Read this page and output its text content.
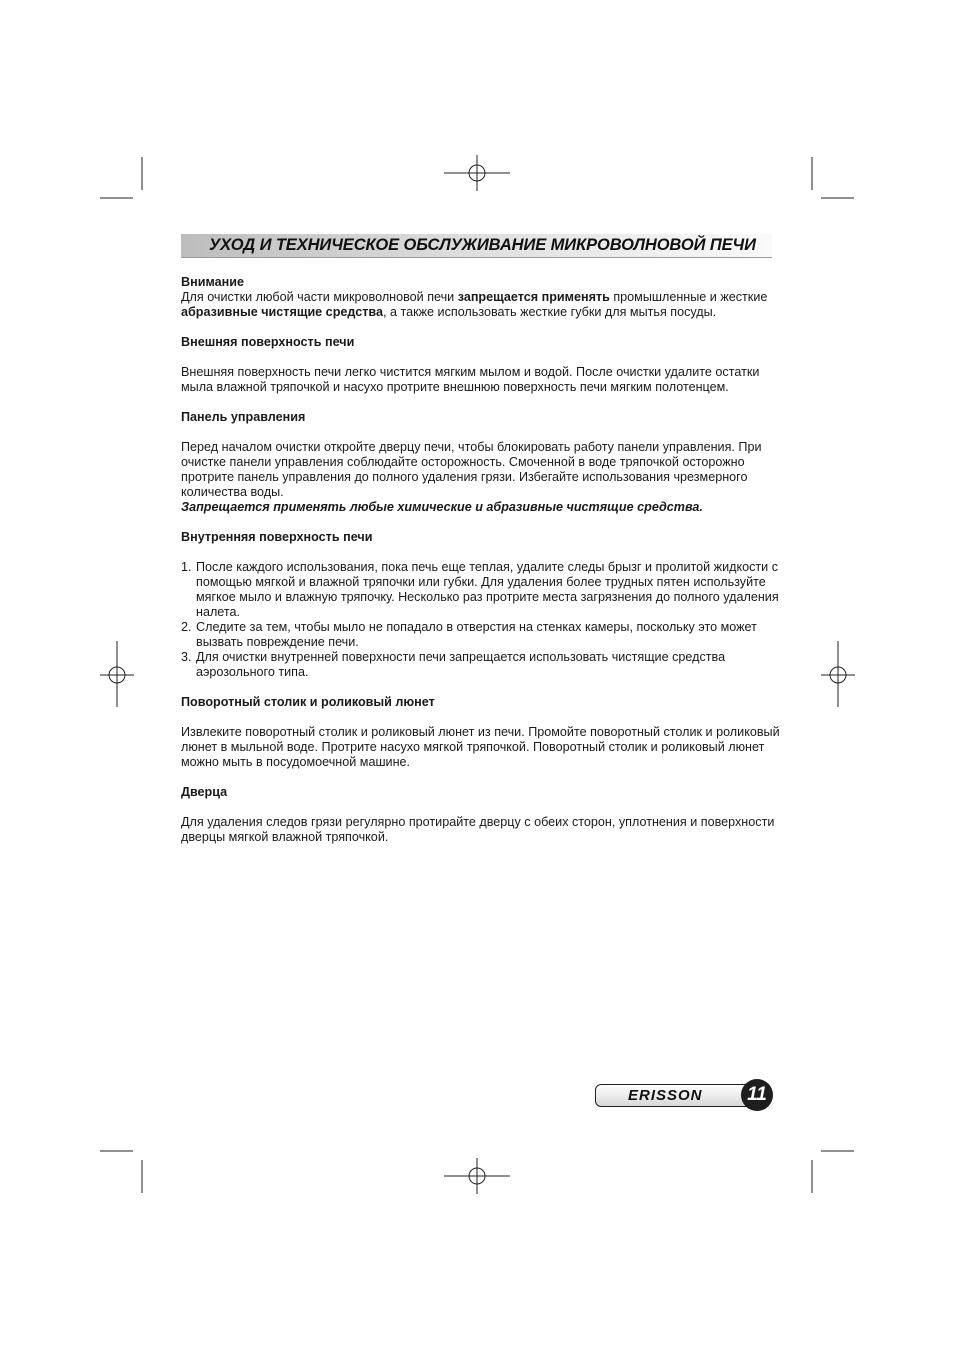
УХОД И ТЕХНИЧЕСКОЕ ОБСЛУЖИВАНИЕ МИКРОВОЛНОВОЙ ПЕЧИ

Внимание

Для очистки любой части микроволновой печи запрещается применять промышленные и жесткие абразивные чистящие средства, а также использовать жесткие губки для мытья посуды.

Внешняя поверхность печи

Внешняя поверхность печи легко чистится мягким мылом и водой. После очистки удалите остатки мыла влажной тряпочкой и насухо протрите внешнюю поверхность печи мягким полотенцем.

Панель управления

Перед началом очистки откройте дверцу печи, чтобы блокировать работу панели управления. При очистке панели управления соблюдайте осторожность. Смоченной в воде тряпочкой осторожно протрите панель управления до полного удаления грязи. Избегайте использования чрезмерного количества воды.

Запрещается применять любые химические и абразивные чистящие средства.

Внутренняя поверхность печи

1. После каждого использования, пока печь еще теплая, удалите следы брызг и пролитой жидкости с помощью мягкой и влажной тряпочки или губки. Для удаления более трудных пятен используйте мягкое мыло и влажную тряпочку. Несколько раз протрите места загрязнения до полного удаления налета.
2. Следите за тем, чтобы мыло не попадало в отверстия на стенках камеры, поскольку это может вызвать повреждение печи.
3. Для очистки внутренней поверхности печи запрещается использовать чистящие средства аэрозольного типа.

Поворотный столик и роликовый люнет

Извлеките поворотный столик и роликовый люнет из печи. Промойте поворотный столик и роликовый люнет в мыльной воде. Протрите насухо мягкой тряпочкой. Поворотный столик и роликовый люнет можно мыть в посудомоечной машине.

Дверца

Для удаления следов грязи регулярно протирайте дверцу с обеих сторон, уплотнения и поверхности дверцы мягкой влажной тряпочкой.

ERISSON	11
